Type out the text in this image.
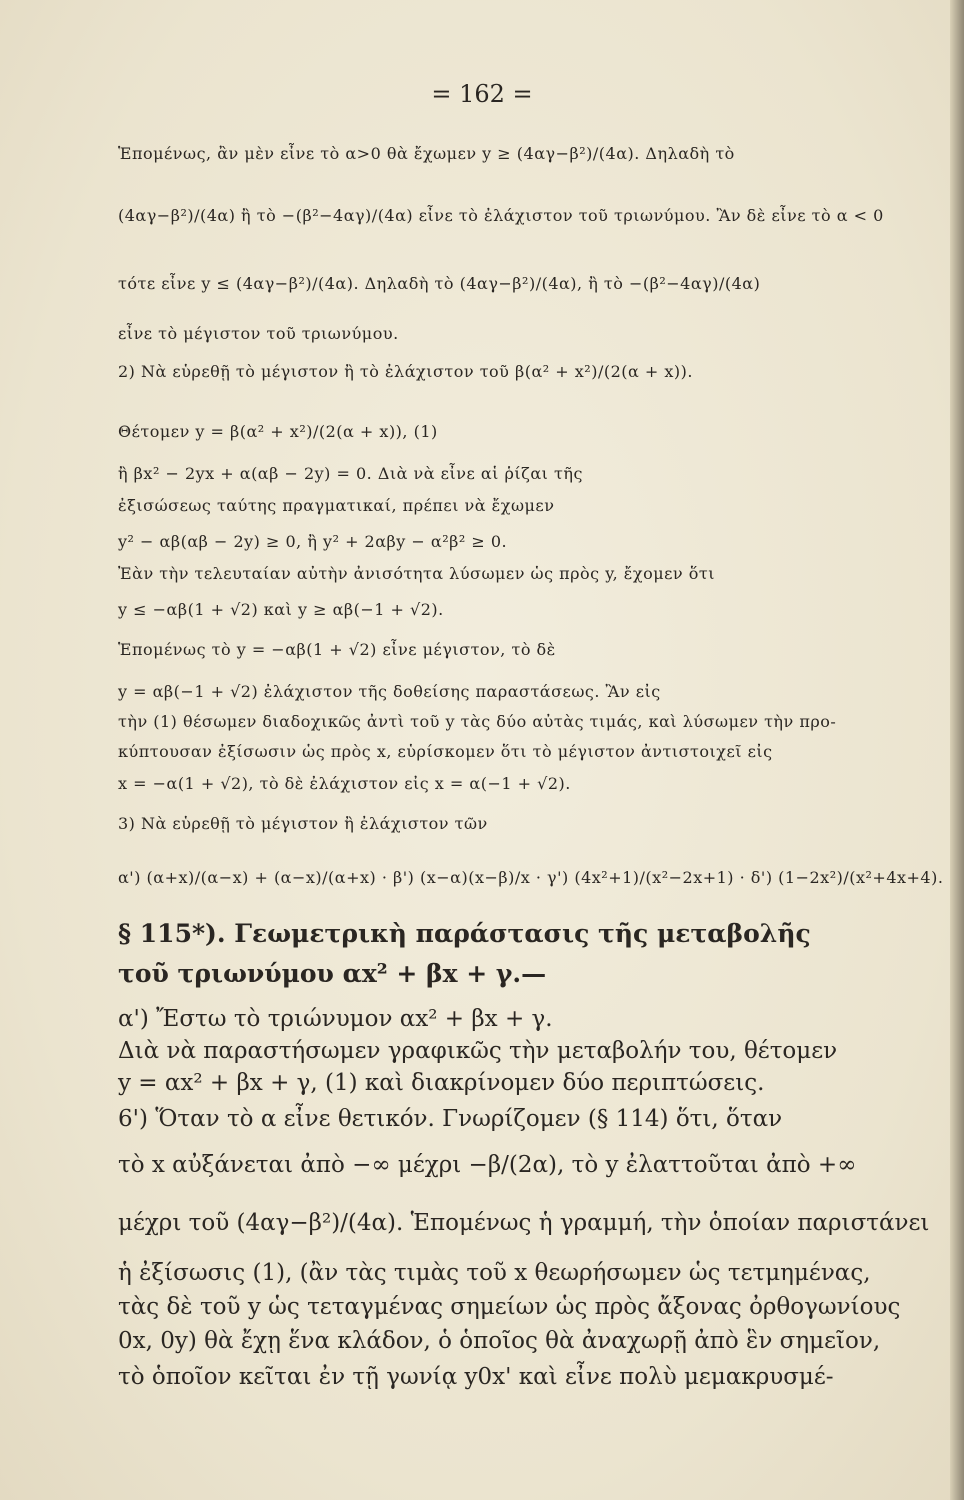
= 162 =
Ἑπομένως, ἂν μὲν εἶνε τὸ α>0 θὰ ἔχωμεν y ≥ (4αγ−β²)/(4α). Δηλαδὴ τὸ
(4αγ−β²)/(4α) ἢ τὸ −(β²−4αγ)/(4α) εἶνε τὸ ἐλάχιστον τοῦ τριωνύμου. Ἂν δὲ εἶνε τὸ α < 0
τότε εἶνε y ≤ (4αγ−β²)/(4α). Δηλαδὴ τὸ (4αγ−β²)/(4α), ἢ τὸ −(β²−4αγ)/(4α)
εἶνε τὸ μέγιστον τοῦ τριωνύμου.
2) Νὰ εὑρεθῇ τὸ μέγιστον ἢ τὸ ἐλάχιστον τοῦ β(α² + x²)/(2(α + x)).
Θέτομεν y = β(α² + x²)/(2(α + x)), (1)
ἢ βx² − 2yx + α(αβ − 2y) = 0. Διὰ νὰ εἶνε αἱ ῥίζαι τῆς
ἐξισώσεως ταύτης πραγματικαί, πρέπει νὰ ἔχωμεν
y² − αβ(αβ − 2y) ≥ 0, ἢ y² + 2αβy − α²β² ≥ 0.
Ἐὰν τὴν τελευταίαν αὐτὴν ἀνισότητα λύσωμεν ὡς πρὸς y, ἔχομεν ὅτι
y ≤ −αβ(1 + √2) καὶ y ≥ αβ(−1 + √2).
Ἑπομένως τὸ y = −αβ(1 + √2) εἶνε μέγιστον, τὸ δὲ
y = αβ(−1 + √2) ἐλάχιστον τῆς δοθείσης παραστάσεως. Ἂν εἰς
τὴν (1) θέσωμεν διαδοχικῶς ἀντὶ τοῦ y τὰς δύο αὐτὰς τιμάς, καὶ λύσωμεν τὴν προ-
κύπτουσαν ἐξίσωσιν ὡς πρὸς x, εὑρίσκομεν ὅτι τὸ μέγιστον ἀντιστοιχεῖ εἰς
x = −α(1 + √2), τὸ δὲ ἐλάχιστον εἰς x = α(−1 + √2).
3) Νὰ εὑρεθῇ τὸ μέγιστον ἢ ἐλάχιστον τῶν
α') (α+x)/(α−x) + (α−x)/(α+x) · β') (x−α)(x−β)/x · γ') (4x²+1)/(x²−2x+1) · δ') (1−2x²)/(x²+4x+4).
§ 115*). Γεωμετρικὴ παράστασις τῆς μεταβολῆς
τοῦ τριωνύμου αx² + βx + γ.—
α') Ἔστω τὸ τριώνυμον αx² + βx + γ.
Διὰ νὰ παραστήσωμεν γραφικῶς τὴν μεταβολήν του, θέτομεν
y = αx² + βx + γ, (1) καὶ διακρίνομεν δύο περιπτώσεις.
6') Ὅταν τὸ α εἶνε θετικόν. Γνωρίζομεν (§ 114) ὅτι, ὅταν
τὸ x αὐξάνεται ἀπὸ −∞ μέχρι −β/(2α), τὸ y ἐλαττοῦται ἀπὸ +∞
μέχρι τοῦ (4αγ−β²)/(4α). Ἑπομένως ἡ γραμμή, τὴν ὁποίαν παριστάνει
ἡ ἐξίσωσις (1), (ἂν τὰς τιμὰς τοῦ x θεωρήσωμεν ὡς τετμημένας,
τὰς δὲ τοῦ y ὡς τεταγμένας σημείων ὡς πρὸς ἄξονας ὀρθογωνίους
0x, 0y) θὰ ἔχῃ ἕνα κλάδον, ὁ ὁποῖος θὰ ἀναχωρῇ ἀπὸ ἓν σημεῖον,
τὸ ὁποῖον κεῖται ἐν τῇ γωνίᾳ y0x' καὶ εἶνε πολὺ μεμακρυσμέ-
